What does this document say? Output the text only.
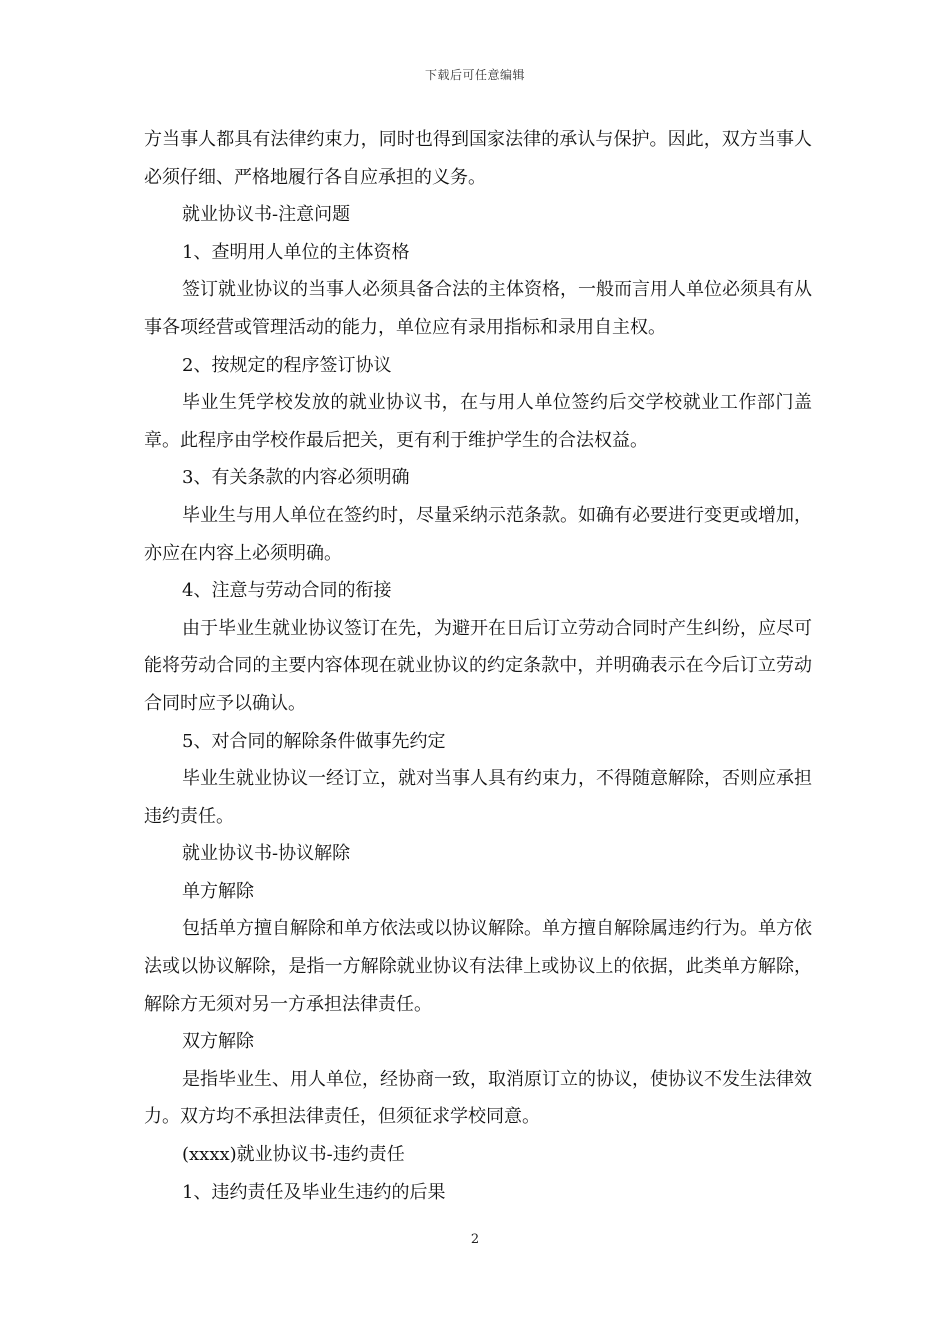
下载后可任意编辑

方当事人都具有法律约束力，同时也得到国家法律的承认与保护。因此，双方当事人必须仔细、严格地履行各自应承担的义务。

就业协议书-注意问题

1、查明用人单位的主体资格

签订就业协议的当事人必须具备合法的主体资格，一般而言用人单位必须具有从事各项经营或管理活动的能力，单位应有录用指标和录用自主权。

2、按规定的程序签订协议

毕业生凭学校发放的就业协议书，在与用人单位签约后交学校就业工作部门盖章。此程序由学校作最后把关，更有利于维护学生的合法权益。

3、有关条款的内容必须明确

毕业生与用人单位在签约时，尽量采纳示范条款。如确有必要进行变更或增加，亦应在内容上必须明确。

4、注意与劳动合同的衔接

由于毕业生就业协议签订在先，为避开在日后订立劳动合同时产生纠纷，应尽可能将劳动合同的主要内容体现在就业协议的约定条款中，并明确表示在今后订立劳动合同时应予以确认。

5、对合同的解除条件做事先约定

毕业生就业协议一经订立，就对当事人具有约束力，不得随意解除，否则应承担违约责任。

就业协议书-协议解除

单方解除

包括单方擅自解除和单方依法或以协议解除。单方擅自解除属违约行为。单方依法或以协议解除，是指一方解除就业协议有法律上或协议上的依据，此类单方解除，解除方无须对另一方承担法律责任。

双方解除

是指毕业生、用人单位，经协商一致，取消原订立的协议，使协议不发生法律效力。双方均不承担法律责任，但须征求学校同意。

(xxxx)就业协议书-违约责任

1、违约责任及毕业生违约的后果

2
